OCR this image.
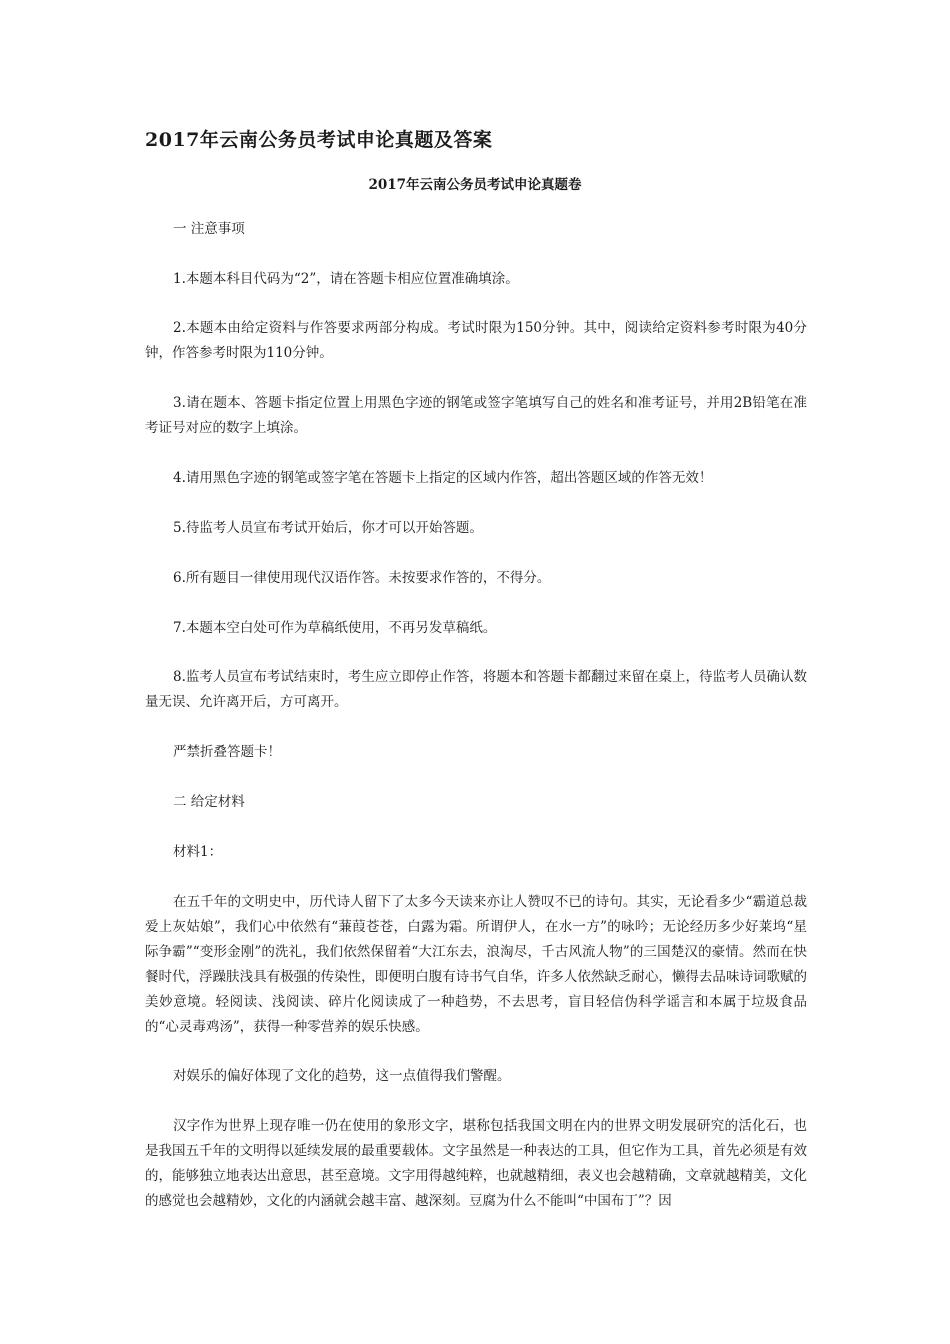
2017年云南公务员考试申论真题及答案
2017年云南公务员考试申论真题卷
一 注意事项
1.本题本科目代码为“2”，请在答题卡相应位置准确填涂。
2.本题本由给定资料与作答要求两部分构成。考试时限为150分钟。其中，阅读给定资料参考时限为40分钟，作答参考时限为110分钟。
3.请在题本、答题卡指定位置上用黑色字迹的钢笔或签字笔填写自己的姓名和准考证号，并用2B铅笔在准考证号对应的数字上填涂。
4.请用黑色字迹的钢笔或签字笔在答题卡上指定的区域内作答，超出答题区域的作答无效！
5.待监考人员宣布考试开始后，你才可以开始答题。
6.所有题目一律使用现代汉语作答。未按要求作答的，不得分。
7.本题本空白处可作为草稿纸使用，不再另发草稿纸。
8.监考人员宣布考试结束时，考生应立即停止作答，将题本和答题卡都翻过来留在桌上，待监考人员确认数量无误、允许离开后，方可离开。
严禁折叠答题卡！
二 给定材料
材料1：
在五千年的文明史中，历代诗人留下了太多今天读来亦让人赞叹不已的诗句。其实，无论看多少“霸道总裁爱上灰姑娘”，我们心中依然有“蒹葭苍苍，白露为霜。所谓伊人，在水一方”的咏吟；无论经历多少好莱坞“星际争霸”“变形金刚”的洗礼，我们依然保留着“大江东去，浪淘尽，千古风流人物”的三国楚汉的豪情。然而在快餐时代，浮躁肤浅具有极强的传染性，即便明白腹有诗书气自华，许多人依然缺乏耐心，懒得去品味诗词歌赋的美妙意境。轻阅读、浅阅读、碎片化阅读成了一种趋势，不去思考，盲目轻信伪科学谣言和本属于垃圾食品的“心灵毒鸡汤”，获得一种零营养的娱乐快感。
对娱乐的偏好体现了文化的趋势，这一点值得我们警醒。
汉字作为世界上现存唯一仍在使用的象形文字，堪称包括我国文明在内的世界文明发展研究的活化石，也是我国五千年的文明得以延续发展的最重要载体。文字虽然是一种表达的工具，但它作为工具，首先必须是有效的，能够独立地表达出意思，甚至意境。文字用得越纯粹，也就越精细，表义也会越精确，文章就越精美，文化的感觉也会越精妙，文化的内涵就会越丰富、越深刻。豆腐为什么不能叫“中国布丁”？因
